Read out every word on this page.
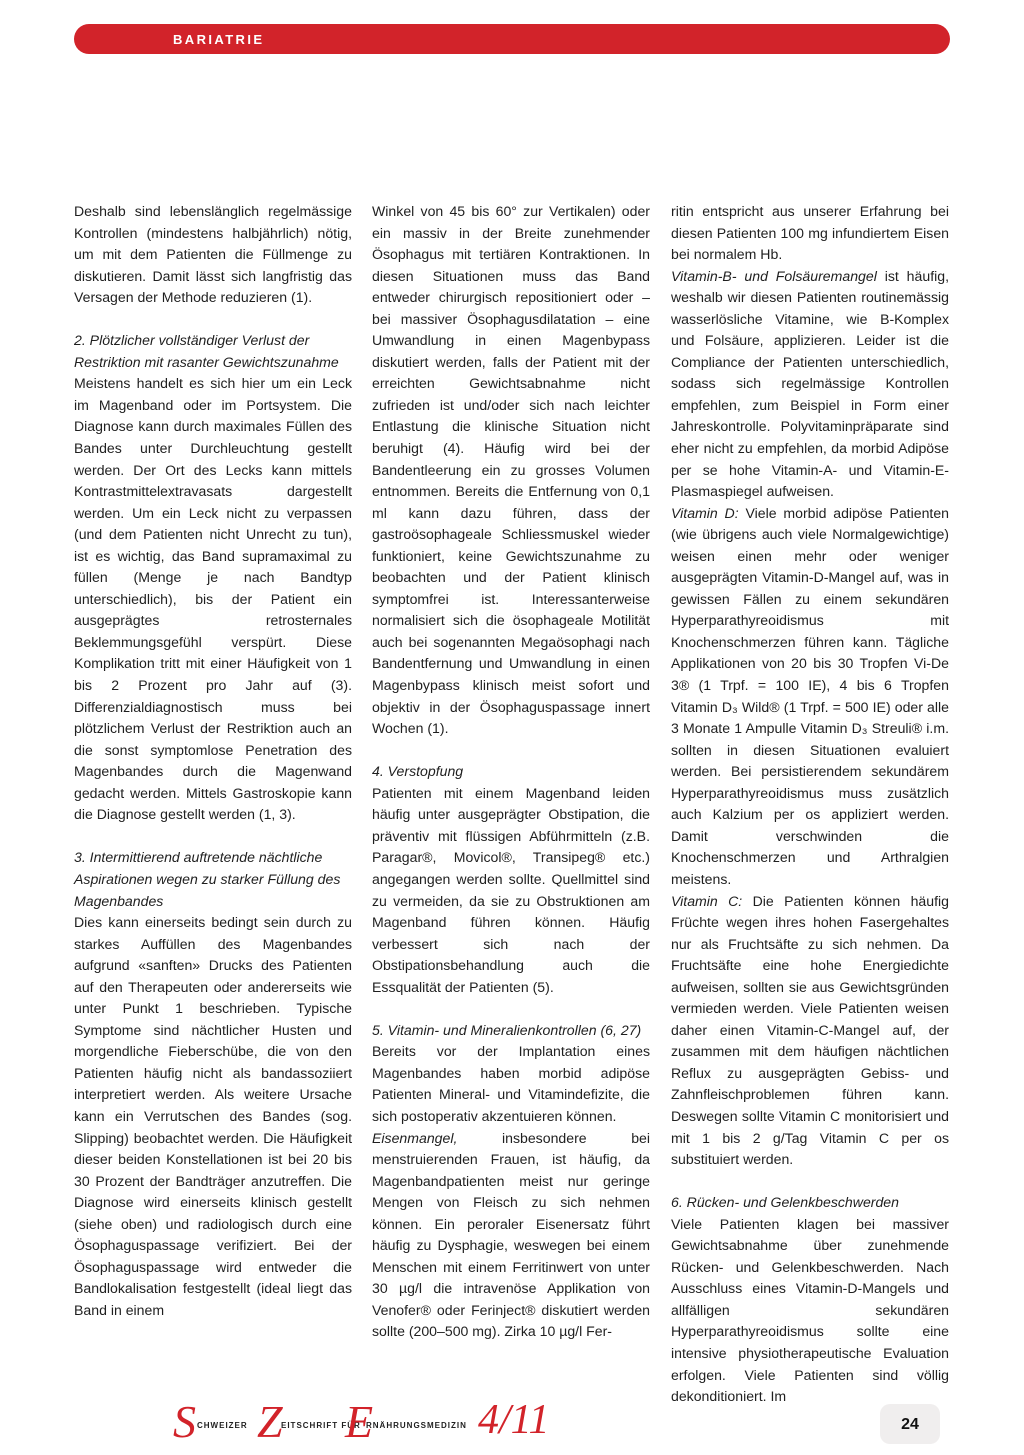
BARIATRIE

Deshalb sind lebenslänglich regelmässige Kontrollen (mindestens halbjährlich) nötig, um mit dem Patienten die Füllmenge zu diskutieren. Damit lässt sich langfristig das Versagen der Methode reduzieren (1).

2. Plötzlicher vollständiger Verlust der Restriktion mit rasanter Gewichtszunahme

Meistens handelt es sich hier um ein Leck im Magenband oder im Portsystem. Die Diagnose kann durch maximales Füllen des Bandes unter Durchleuchtung gestellt werden. Der Ort des Lecks kann mittels Kontrastmittelextravasats dargestellt werden. Um ein Leck nicht zu verpassen (und dem Patienten nicht Unrecht zu tun), ist es wichtig, das Band supramaximal zu füllen (Menge je nach Bandtyp unterschiedlich), bis der Patient ein ausgeprägtes retrosternales Beklemmungsgefühl verspürt. Diese Komplikation tritt mit einer Häufigkeit von 1 bis 2 Prozent pro Jahr auf (3). Differenzialdiagnostisch muss bei plötzlichem Verlust der Restriktion auch an die sonst symptomlose Penetration des Magenbandes durch die Magenwand gedacht werden. Mittels Gastroskopie kann die Diagnose gestellt werden (1, 3).

3. Intermittierend auftretende nächtliche Aspirationen wegen zu starker Füllung des Magenbandes

Dies kann einerseits bedingt sein durch zu starkes Auffüllen des Magenbandes aufgrund «sanften» Drucks des Patienten auf den Therapeuten oder andererseits wie unter Punkt 1 beschrieben. Typische Symptome sind nächtlicher Husten und morgendliche Fieberschübe, die von den Patienten häufig nicht als bandassoziiert interpretiert werden. Als weitere Ursache kann ein Verrutschen des Bandes (sog. Slipping) beobachtet werden. Die Häufigkeit dieser beiden Konstellationen ist bei 20 bis 30 Prozent der Bandträger anzutreffen. Die Diagnose wird einerseits klinisch gestellt (siehe oben) und radiologisch durch eine Ösophaguspassage verifiziert. Bei der Ösophaguspassage wird entweder die Bandlokalisation festgestellt (ideal liegt das Band in einem

Winkel von 45 bis 60° zur Vertikalen) oder ein massiv in der Breite zunehmender Ösophagus mit tertiären Kontraktionen. In diesen Situationen muss das Band entweder chirurgisch repositioniert oder – bei massiver Ösophagusdilatation – eine Umwandlung in einen Magenbypass diskutiert werden, falls der Patient mit der erreichten Gewichtsabnahme nicht zufrieden ist und/oder sich nach leichter Entlastung die klinische Situation nicht beruhigt (4). Häufig wird bei der Bandentleerung ein zu grosses Volumen entnommen. Bereits die Entfernung von 0,1 ml kann dazu führen, dass der gastroösophageale Schliessmuskel wieder funktioniert, keine Gewichtszunahme zu beobachten und der Patient klinisch symptomfrei ist. Interessanterweise normalisiert sich die ösophageale Motilität auch bei sogenannten Megaösophagi nach Bandentfernung und Umwandlung in einen Magenbypass klinisch meist sofort und objektiv in der Ösophaguspassage innert Wochen (1).

4. Verstopfung

Patienten mit einem Magenband leiden häufig unter ausgeprägter Obstipation, die präventiv mit flüssigen Abführmitteln (z.B. Paragar®, Movicol®, Transipeg® etc.) angegangen werden sollte. Quellmittel sind zu vermeiden, da sie zu Obstruktionen am Magenband führen können. Häufig verbessert sich nach der Obstipationsbehandlung auch die Essqualität der Patienten (5).

5. Vitamin- und Mineralienkontrollen (6, 27)

Bereits vor der Implantation eines Magenbandes haben morbid adipöse Patienten Mineral- und Vitamindefizite, die sich postoperativ akzentuieren können.

Eisenmangel, insbesondere bei menstruierenden Frauen, ist häufig, da Magenbandpatienten meist nur geringe Mengen von Fleisch zu sich nehmen können. Ein peroraler Eisenersatz führt häufig zu Dysphagie, weswegen bei einem Menschen mit einem Ferritinwert von unter 30 µg/l die intravenöse Applikation von Venofer® oder Ferinject® diskutiert werden sollte (200–500 mg). Zirka 10 µg/l Fer-

ritin entspricht aus unserer Erfahrung bei diesen Patienten 100 mg infundiertem Eisen bei normalem Hb.

Vitamin-B- und Folsäuremangel ist häufig, weshalb wir diesen Patienten routinemässig wasserlösliche Vitamine, wie B-Komplex und Folsäure, applizieren. Leider ist die Compliance der Patienten unterschiedlich, sodass sich regelmässige Kontrollen empfehlen, zum Beispiel in Form einer Jahreskontrolle. Polyvitaminpräparate sind eher nicht zu empfehlen, da morbid Adipöse per se hohe Vitamin-A- und Vitamin-E-Plasmaspiegel aufweisen.

Vitamin D: Viele morbid adipöse Patienten (wie übrigens auch viele Normalgewichtige) weisen einen mehr oder weniger ausgeprägten Vitamin-D-Mangel auf, was in gewissen Fällen zu einem sekundären Hyperparathyreoidismus mit Knochenschmerzen führen kann. Tägliche Applikationen von 20 bis 30 Tropfen Vi-De 3® (1 Trpf. = 100 IE), 4 bis 6 Tropfen Vitamin D₃ Wild® (1 Trpf. = 500 IE) oder alle 3 Monate 1 Ampulle Vitamin D₃ Streuli® i.m. sollten in diesen Situationen evaluiert werden. Bei persistierendem sekundärem Hyperparathyreoidismus muss zusätzlich auch Kalzium per os appliziert werden. Damit verschwinden die Knochenschmerzen und Arthralgien meistens.

Vitamin C: Die Patienten können häufig Früchte wegen ihres hohen Fasergehaltes nur als Fruchtsäfte zu sich nehmen. Da Fruchtsäfte eine hohe Energiedichte aufweisen, sollten sie aus Gewichtsgründen vermieden werden. Viele Patienten weisen daher einen Vitamin-C-Mangel auf, der zusammen mit dem häufigen nächtlichen Reflux zu ausgeprägten Gebiss- und Zahnfleischproblemen führen kann. Deswegen sollte Vitamin C monitorisiert und mit 1 bis 2 g/Tag Vitamin C per os substituiert werden.

6. Rücken- und Gelenkbeschwerden

Viele Patienten klagen bei massiver Gewichtsabnahme über zunehmende Rücken- und Gelenkbeschwerden. Nach Ausschluss eines Vitamin-D-Mangels und allfälligen sekundären Hyperparathyreoidismus sollte eine intensive physiotherapeutische Evaluation erfolgen. Viele Patienten sind völlig dekonditioniert. Im

S CHWEIZER Z
EITSCHRIFT FÜR
E
RNÄHRUNGSMEDIZIN 4/11	24
